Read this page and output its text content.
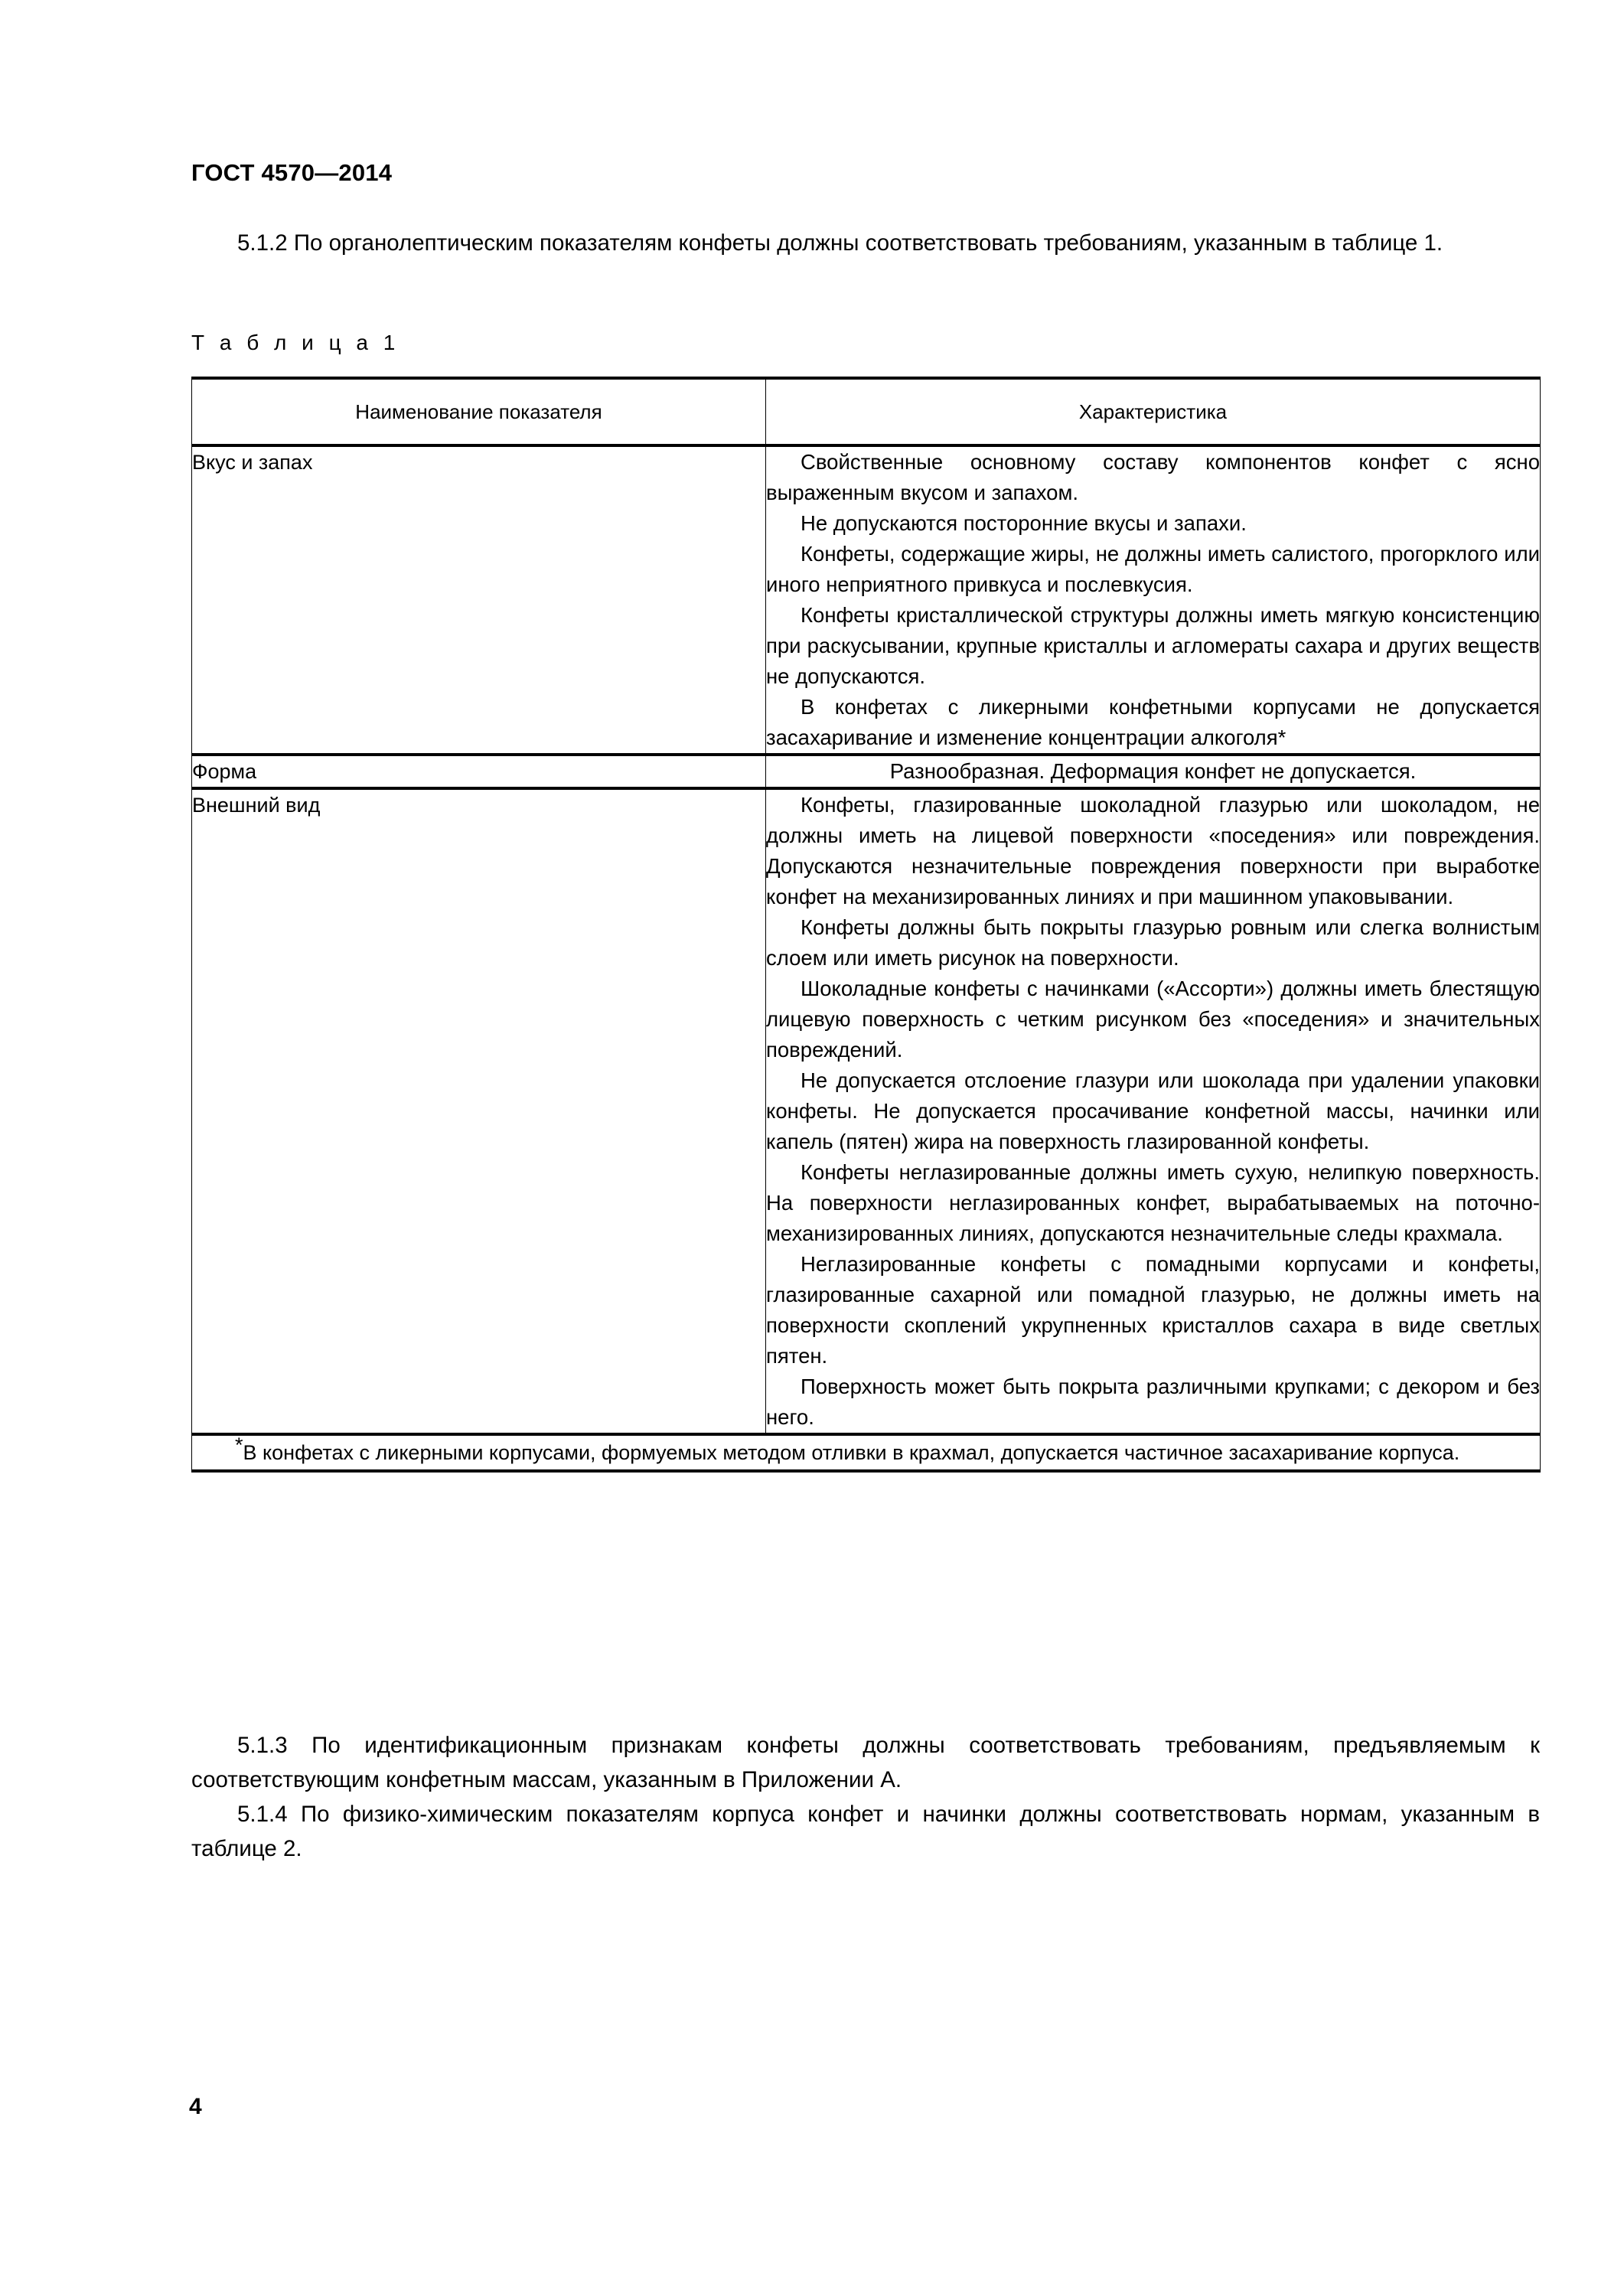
ГОСТ 4570—2014
5.1.2 По органолептическим показателям конфеты должны соответствовать требованиям, указанным в таблице 1.
Т а б л и ц а 1
Наименование показателя	Характеристика
Вкус и запах	Свойственные основному составу компонентов конфет с ясно выраженным вкусом и запахом.

Не допускаются посторонние вкусы и запахи.

Конфеты, содержащие жиры, не должны иметь салистого, прогорклого или иного неприятного привкуса и послевкусия.

Конфеты кристаллической структуры должны иметь мягкую консистенцию при раскусывании, крупные кристаллы и агломераты сахара и других веществ не допускаются.

В конфетах с ликерными конфетными корпусами не допускается засахаривание и изменение концентрации алкоголя*

Форма	Разнообразная. Деформация конфет не допускается.
Внешний вид	Конфеты, глазированные шоколадной глазурью или шоколадом, не должны иметь на лицевой поверхности «поседения» или повреждения. Допускаются незначительные повреждения поверхности при выработке конфет на механизированных линиях и при машинном упаковывании.

Конфеты должны быть покрыты глазурью ровным или слегка волнистым слоем или иметь рисунок на поверхности.

Шоколадные конфеты с начинками («Ассорти») должны иметь блестящую лицевую поверхность с четким рисунком без «поседения» и значительных повреждений.

Не допускается отслоение глазури или шоколада при удалении упаковки конфеты. Не допускается просачивание конфетной массы, начинки или капель (пятен) жира на поверхность глазированной конфеты.

Конфеты неглазированные должны иметь сухую, нелипкую поверхность. На поверхности неглазированных конфет, вырабатываемых на поточно-механизированных линиях, допускаются незначительные следы крахмала.

Неглазированные конфеты с помадными корпусами и конфеты, глазированные сахарной или помадной глазурью, не должны иметь на поверхности скоплений укрупненных кристаллов сахара в виде светлых пятен.

Поверхность может быть покрыта различными крупками; с декором и без него.

*В конфетах с ликерными корпусами, формуемых методом отливки в крахмал, допускается частичное засахаривание корпуса.	
5.1.3 По идентификационным признакам конфеты должны соответствовать требованиям, предъявляемым к соответствующим конфетным массам, указанным в Приложении А.
5.1.4 По физико-химическим показателям корпуса конфет и начинки должны соответствовать нормам, указанным в таблице 2.
4
